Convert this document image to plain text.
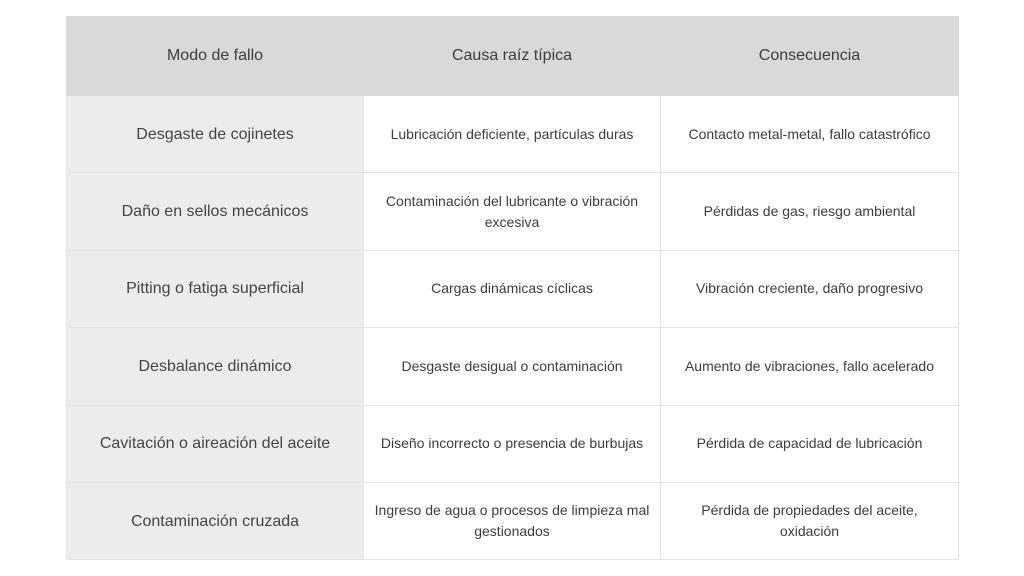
Modo de fallo	Causa raíz típica	Consecuencia
Desgaste de cojinetes	Lubricación deficiente, partículas duras	Contacto metal-metal, fallo catastrófico
Daño en sellos mecánicos	Contaminación del lubricante o vibración excesiva	Pérdidas de gas, riesgo ambiental
Pitting o fatiga superficial	Cargas dinámicas cíclicas	Vibración creciente, daño progresivo
Desbalance dinámico	Desgaste desigual o contaminación	Aumento de vibraciones, fallo acelerado
Cavitación o aireación del aceite	Diseño incorrecto o presencia de burbujas	Pérdida de capacidad de lubricación
Contaminación cruzada	Ingreso de agua o procesos de limpieza mal gestionados	Pérdida de propiedades del aceite, oxidación
